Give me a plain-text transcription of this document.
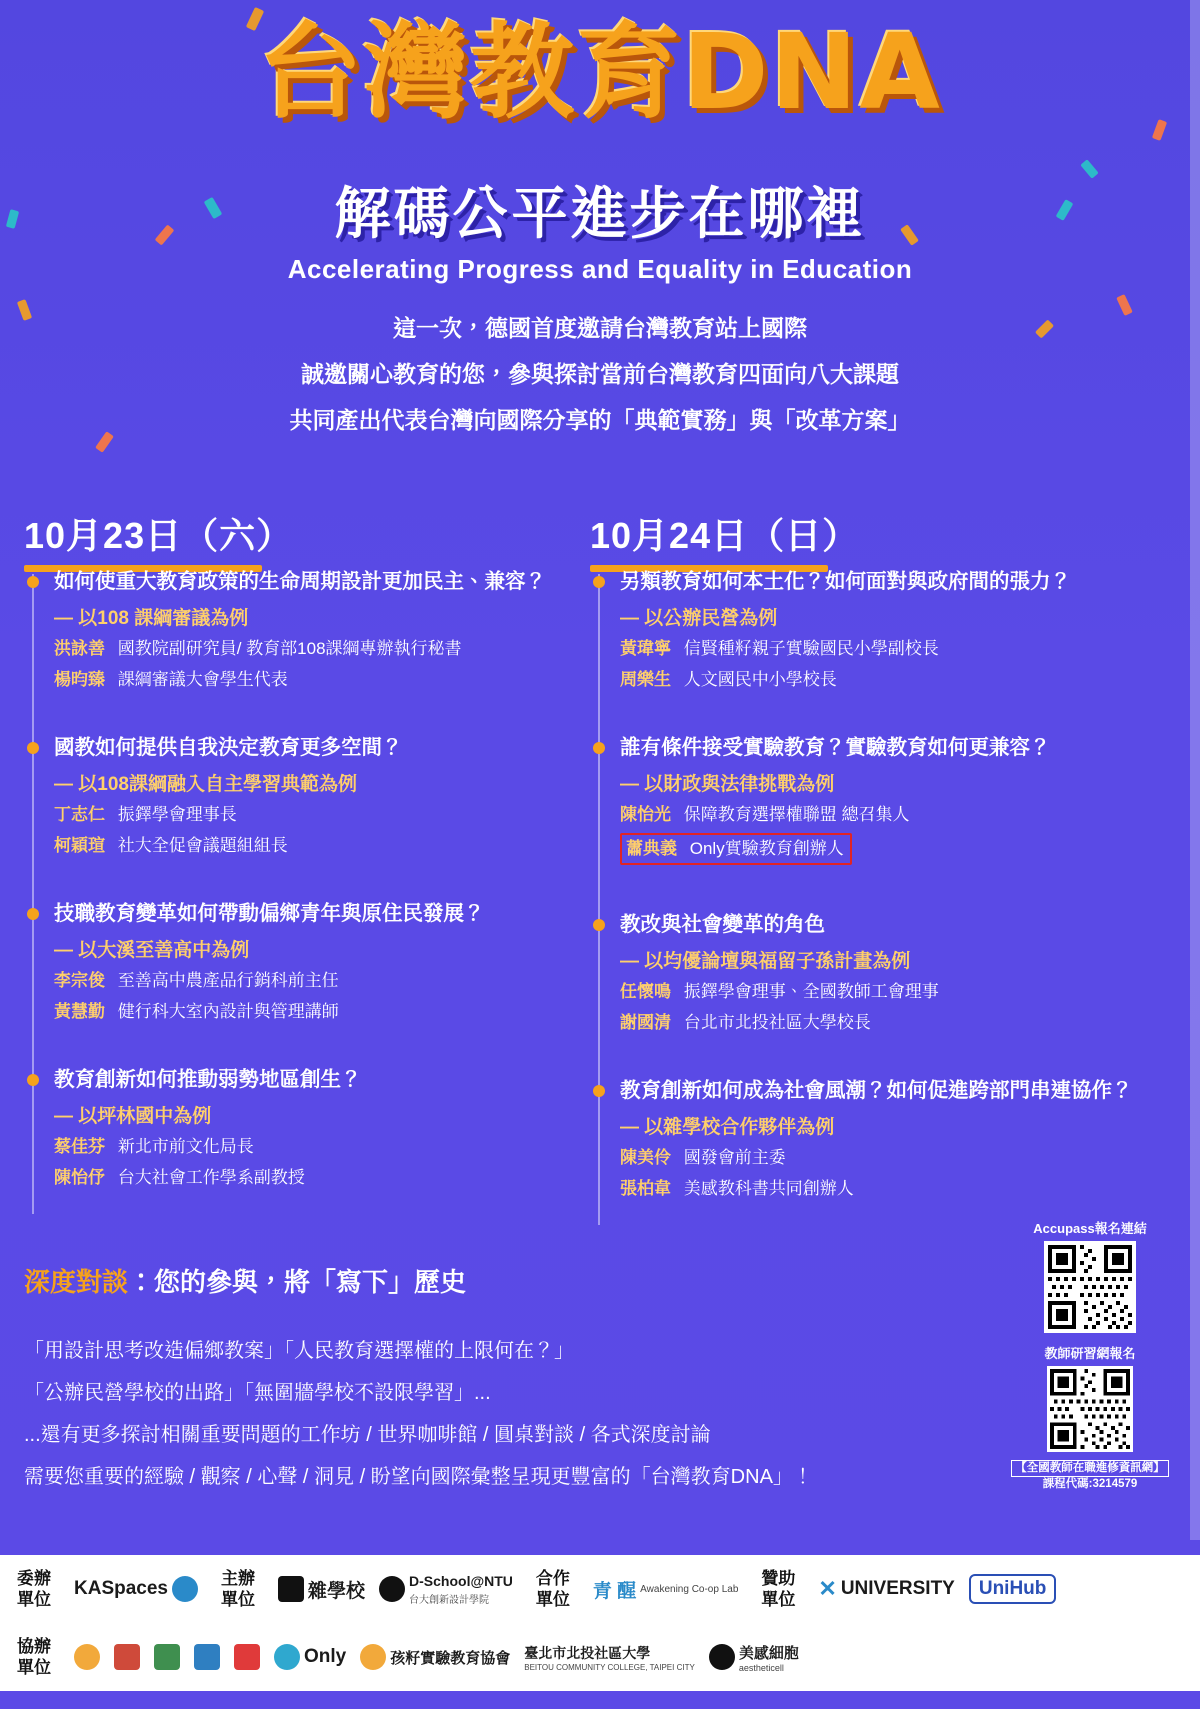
台灣教育DNA
解碼公平進步在哪裡
Accelerating Progress and Equality in Education
這一次，德國首度邀請台灣教育站上國際
誠邀關心教育的您，參與探討當前台灣教育四面向八大課題
共同產出代表台灣向國際分享的「典範實務」與「改革方案」
10月23日（六）	10月24日（日）
如何使重大教育政策的生命周期設計更加民主、兼容？
— 以108 課綱審議為例
洪詠善 國教院副研究員/ 教育部108課綱專辦執行秘書
楊昀臻 課綱審議大會學生代表
國教如何提供自我決定教育更多空間？
— 以108課綱融入自主學習典範為例
丁志仁 振鐸學會理事長
柯穎瑄 社大全促會議題組組長
技職教育變革如何帶動偏鄉青年與原住民發展？
— 以大溪至善高中為例
李宗俊 至善高中農產品行銷科前主任
黃慧勤 健行科大室內設計與管理講師
教育創新如何推動弱勢地區創生？
— 以坪林國中為例
蔡佳芬 新北市前文化局長
陳怡伃 台大社會工作學系副教授
另類教育如何本土化？如何面對與政府間的張力？
— 以公辦民營為例
黃瑋寧 信賢種籽親子實驗國民小學副校長
周樂生 人文國民中小學校長
誰有條件接受實驗教育？實驗教育如何更兼容？
— 以財政與法律挑戰為例
陳怡光 保障教育選擇權聯盟 總召集人
蕭典義 Only實驗教育創辦人
教改與社會變革的角色
— 以均優論壇與福留子孫計畫為例
任懷鳴 振鐸學會理事、全國教師工會理事
謝國清 台北市北投社區大學校長
教育創新如何成為社會風潮？如何促進跨部門串連協作？
— 以雜學校合作夥伴為例
陳美伶 國發會前主委
張柏韋 美感教科書共同創辦人
深度對談：您的參與，將「寫下」歷史
「用設計思考改造偏鄉教案」「人民教育選擇權的上限何在？」
「公辦民營學校的出路」「無圍牆學校不設限學習」...
...還有更多探討相關重要問題的工作坊 / 世界咖啡館 / 圓桌對談 / 各式深度討論
需要您重要的經驗 / 觀察 / 心聲 / 洞見 / 盼望向國際彙整呈現更豐富的「台灣教育DNA」！
Accupass報名連結
教師研習網報名
【全國教師在職進修資訊網】
課程代碼:3214579
委辦
單位
KASpaces	主辦
單位	雜學校	D-School@NTU
台大創新設計學院
合作
單位	青 醒 Awakening Co-op Lab
贊助
單位	✕ UNIVERSITY UniHub
協辦
單位
Only	孩籽實驗教育協會 臺北市北投社區大學
BEITOU COMMUNITY COLLEGE, TAIPEI CITY
美感細胞
aestheticell
